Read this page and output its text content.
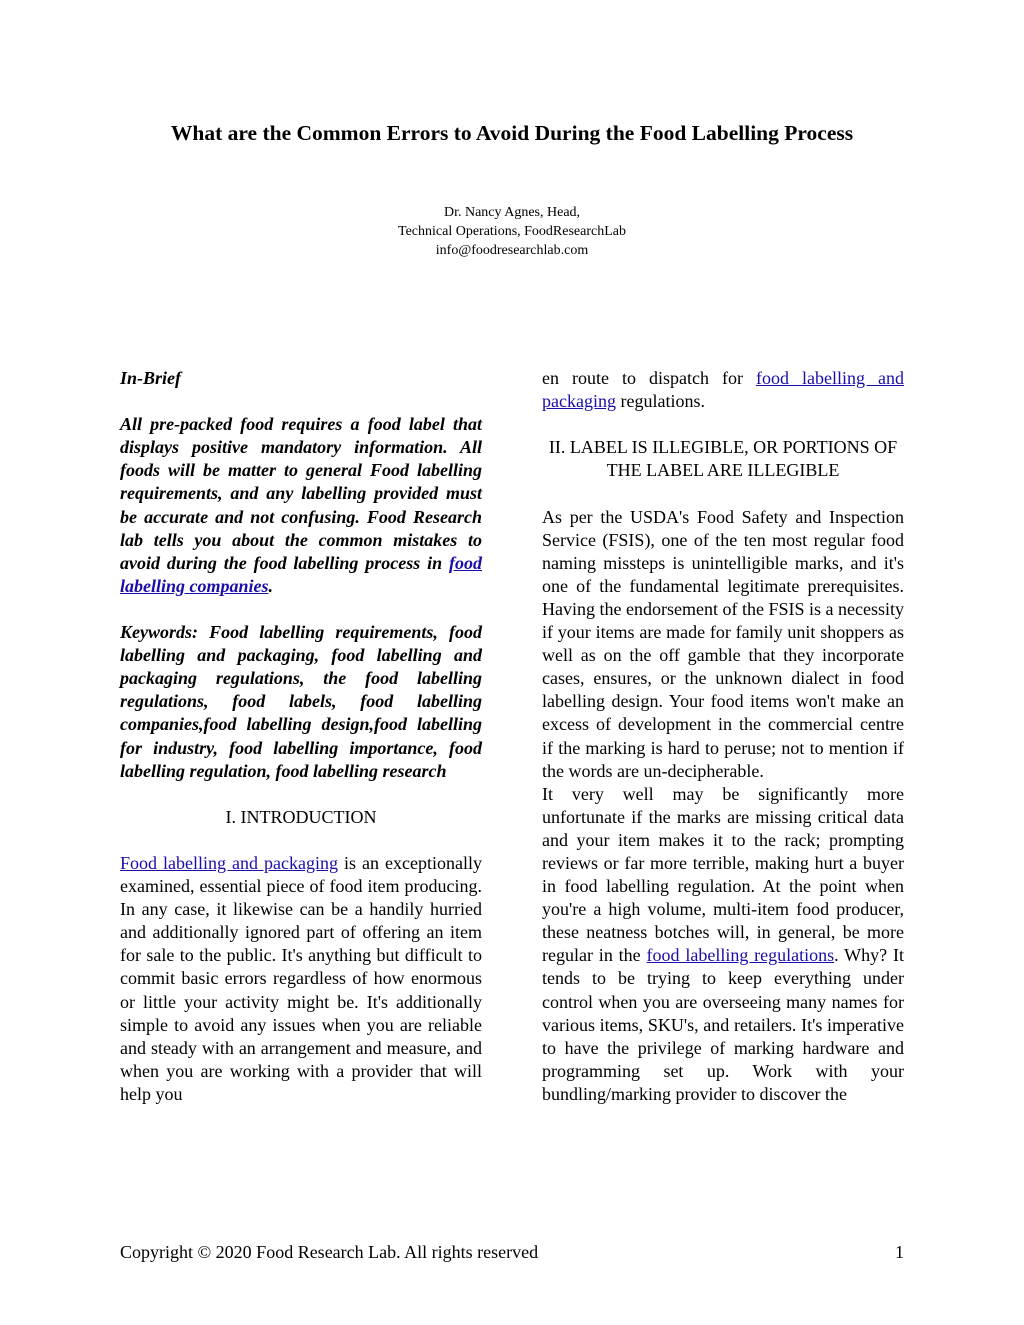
What are the Common Errors to Avoid During the Food Labelling Process
Dr. Nancy Agnes, Head,
Technical Operations, FoodResearchLab
info@foodresearchlab.com

In-Brief

All pre-packed food requires a food label that displays positive mandatory information. All foods will be matter to general Food labelling requirements, and any labelling provided must be accurate and not confusing. Food Research lab tells you about the common mistakes to avoid during the food labelling process in food labelling companies.

Keywords: Food labelling requirements, food labelling and packaging, food labelling and packaging regulations, the food labelling regulations, food labels, food labelling companies,food labelling design,food labelling for industry, food labelling importance, food labelling regulation, food labelling research

I. INTRODUCTION

Food labelling and packaging is an exceptionally examined, essential piece of food item producing. In any case, it likewise can be a handily hurried and additionally ignored part of offering an item for sale to the public. It's anything but difficult to commit basic errors regardless of how enormous or little your activity might be. It's additionally simple to avoid any issues when you are reliable and steady with an arrangement and measure, and when you are working with a provider that will help you

en route to dispatch for food labelling and packaging regulations.

II. LABEL IS ILLEGIBLE, OR PORTIONS OF THE LABEL ARE ILLEGIBLE

As per the USDA's Food Safety and Inspection Service (FSIS), one of the ten most regular food naming missteps is unintelligible marks, and it's one of the fundamental legitimate prerequisites. Having the endorsement of the FSIS is a necessity if your items are made for family unit shoppers as well as on the off gamble that they incorporate cases, ensures, or the unknown dialect in food labelling design. Your food items won't make an excess of development in the commercial centre if the marking is hard to peruse; not to mention if the words are un-decipherable.

It very well may be significantly more unfortunate if the marks are missing critical data and your item makes it to the rack; prompting reviews or far more terrible, making hurt a buyer in food labelling regulation. At the point when you're a high volume, multi-item food producer, these neatness botches will, in general, be more regular in the food labelling regulations. Why? It tends to be trying to keep everything under control when you are overseeing many names for various items, SKU's, and retailers. It's imperative to have the privilege of marking hardware and programming set up. Work with your bundling/marking provider to discover the

Copyright © 2020 Food Research Lab. All rights reserved	1
